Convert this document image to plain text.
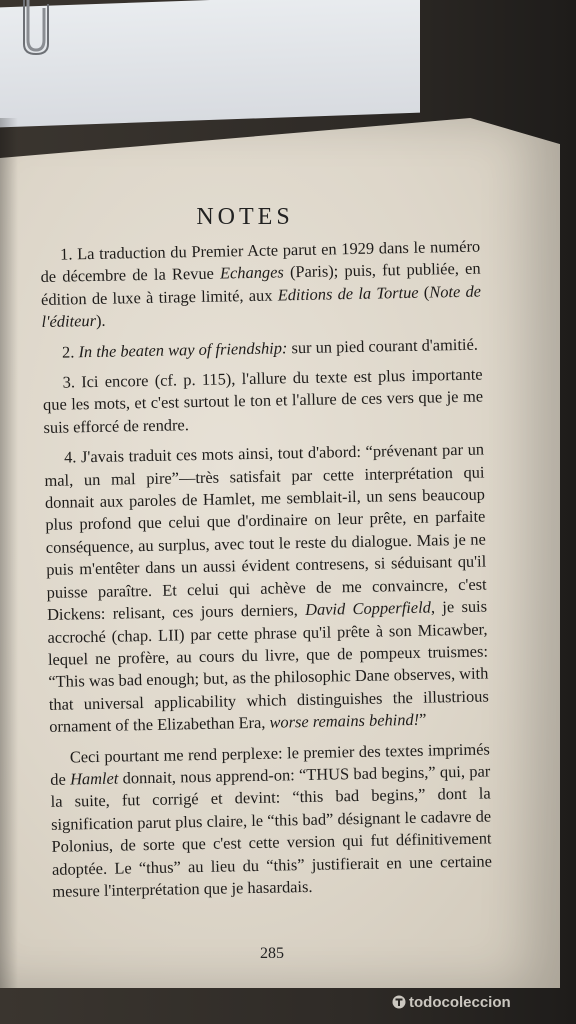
NOTES

1. La traduction du Premier Acte parut en 1929 dans le numéro de décembre de la Revue Echanges (Paris); puis, fut publiée, en édition de luxe à tirage limité, aux Editions de la Tortue (Note de l'éditeur).

2. In the beaten way of friendship: sur un pied courant d'amitié.

3. Ici encore (cf. p. 115), l'allure du texte est plus importante que les mots, et c'est surtout le ton et l'allure de ces vers que je me suis efforcé de rendre.

4. J'avais traduit ces mots ainsi, tout d'abord: “prévenant par un mal, un mal pire”—très satisfait par cette interprétation qui donnait aux paroles de Hamlet, me semblait-il, un sens beaucoup plus profond que celui que d'ordinaire on leur prête, en parfaite conséquence, au surplus, avec tout le reste du dialogue. Mais je ne puis m'entêter dans un aussi évident contresens, si séduisant qu'il puisse paraître. Et celui qui achève de me convaincre, c'est Dickens: relisant, ces jours derniers, David Copperfield, je suis accroché (chap. LII) par cette phrase qu'il prête à son Micawber, lequel ne profère, au cours du livre, que de pompeux truismes: “This was bad enough; but, as the philosophic Dane observes, with that universal applicability which distinguishes the illustrious ornament of the Elizabethan Era, worse remains behind!”

Ceci pourtant me rend perplexe: le premier des textes imprimés de Hamlet donnait, nous apprend-on: “THUS bad begins,” qui, par la suite, fut corrigé et devint: “this bad begins,” dont la signification parut plus claire, le “this bad” désignant le cadavre de Polonius, de sorte que c'est cette version qui fut définitivement adoptée. Le “thus” au lieu du “this” justifierait en une certaine mesure l'interprétation que je hasardais.

285
todocoleccion
